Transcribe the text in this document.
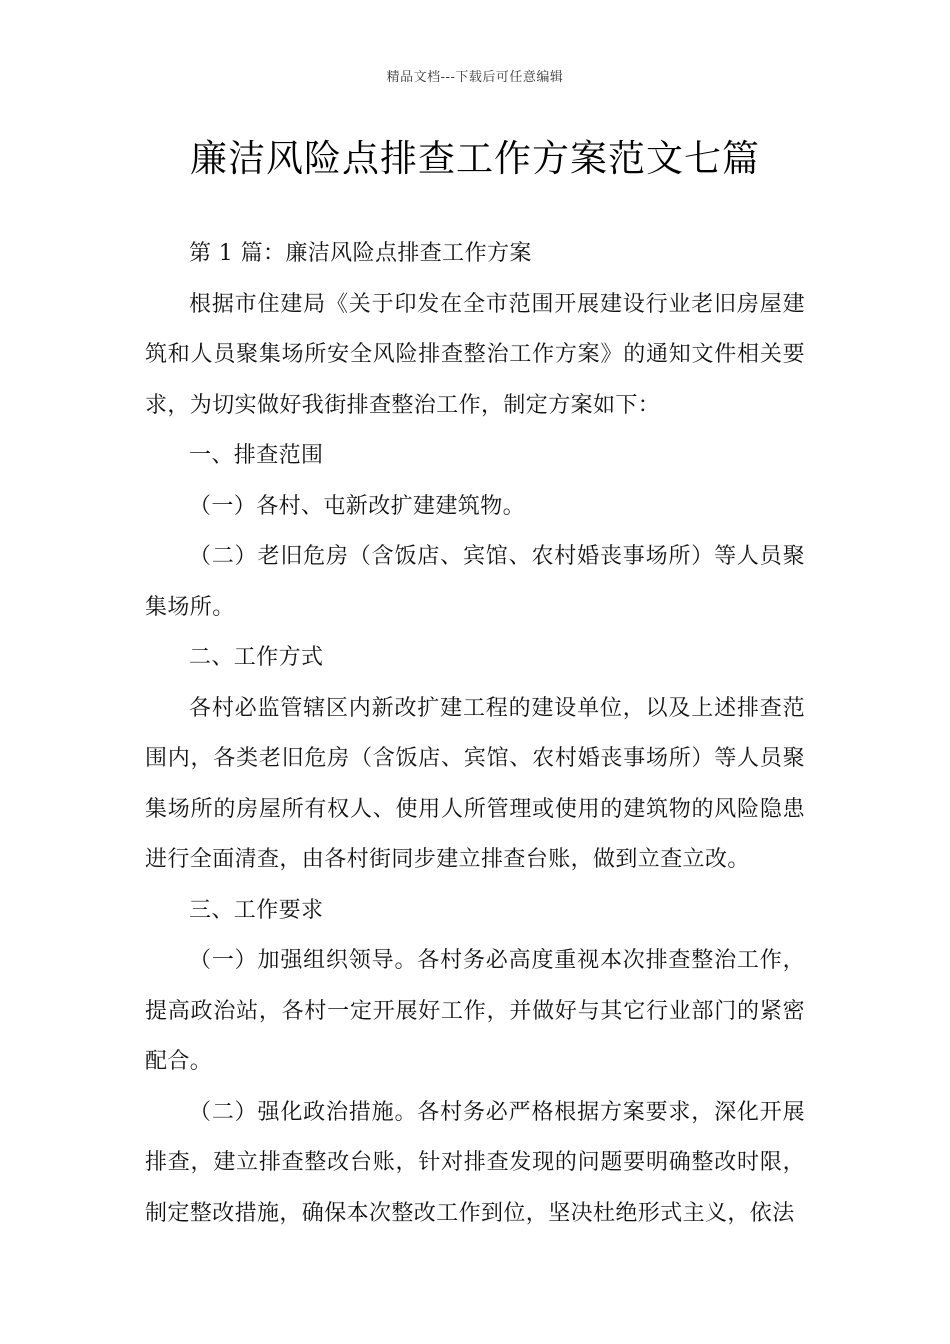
精品文档---下载后可任意编辑
廉洁风险点排查工作方案范文七篇

第 1 篇：廉洁风险点排查工作方案

根据市住建局《关于印发在全市范围开展建设行业老旧房屋建筑和人员聚集场所安全风险排查整治工作方案》的通知文件相关要求，为切实做好我街排查整治工作，制定方案如下：

一、排查范围

（一）各村、屯新改扩建建筑物。

（二）老旧危房（含饭店、宾馆、农村婚丧事场所）等人员聚集场所。

二、工作方式

各村必监管辖区内新改扩建工程的建设单位，以及上述排查范围内，各类老旧危房（含饭店、宾馆、农村婚丧事场所）等人员聚集场所的房屋所有权人、使用人所管理或使用的建筑物的风险隐患进行全面清查，由各村街同步建立排查台账，做到立查立改。

三、工作要求

（一）加强组织领导。各村务必高度重视本次排查整治工作，提高政治站，各村一定开展好工作，并做好与其它行业部门的紧密配合。

（二）强化政治措施。各村务必严格根据方案要求，深化开展排查，建立排查整改台账，针对排查发现的问题要明确整改时限，制定整改措施，确保本次整改工作到位，坚决杜绝形式主义，依法
